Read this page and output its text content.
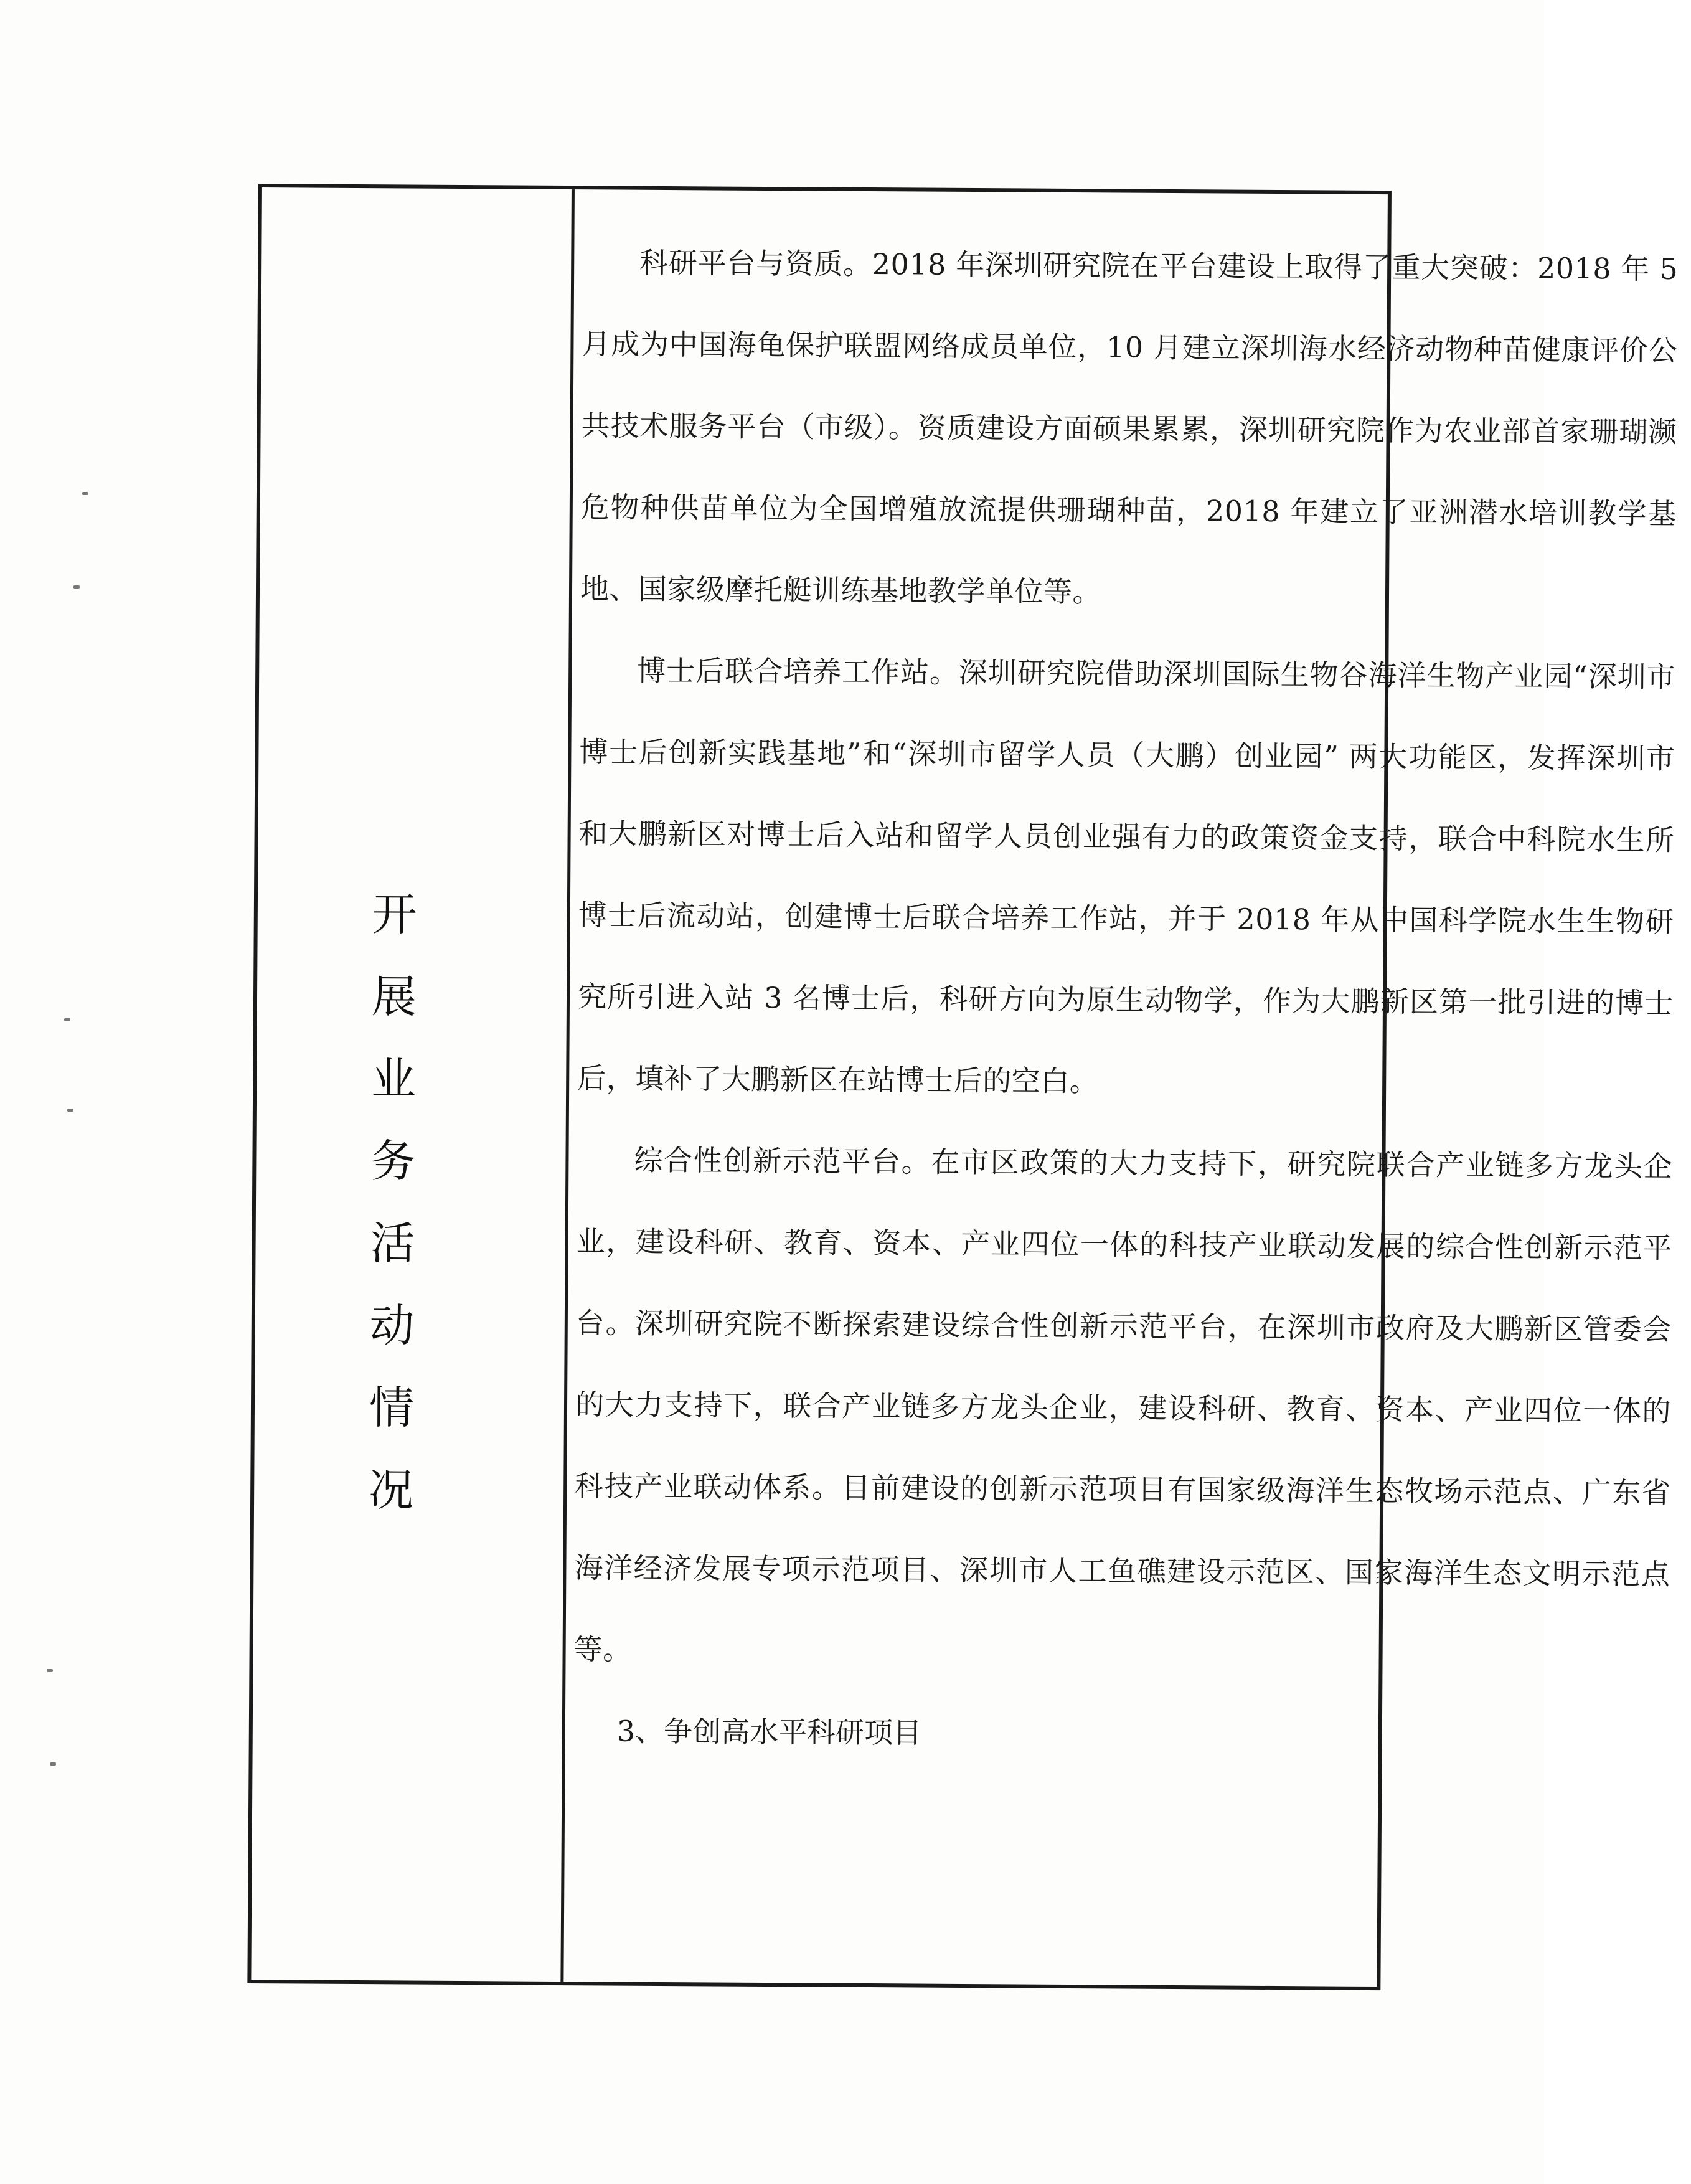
开
展
业
务
活
动
情
况

科研平台与资质。2018 年深圳研究院在平台建设上取得了重大突破：2018 年 5 月成为中国海龟保护联盟网络成员单位，10 月建立深圳海水经济动物种苗健康评价公共技术服务平台（市级）。资质建设方面硕果累累，深圳研究院作为农业部首家珊瑚濒危物种供苗单位为全国增殖放流提供珊瑚种苗，2018 年建立了亚洲潜水培训教学基地、国家级摩托艇训练基地教学单位等。

博士后联合培养工作站。深圳研究院借助深圳国际生物谷海洋生物产业园“深圳市博士后创新实践基地”和“深圳市留学人员（大鹏）创业园” 两大功能区，发挥深圳市和大鹏新区对博士后入站和留学人员创业强有力的政策资金支持，联合中科院水生所博士后流动站，创建博士后联合培养工作站，并于 2018 年从中国科学院水生生物研究所引进入站 3 名博士后，科研方向为原生动物学，作为大鹏新区第一批引进的博士后，填补了大鹏新区在站博士后的空白。

综合性创新示范平台。在市区政策的大力支持下，研究院联合产业链多方龙头企业，建设科研、教育、资本、产业四位一体的科技产业联动发展的综合性创新示范平台。深圳研究院不断探索建设综合性创新示范平台，在深圳市政府及大鹏新区管委会的大力支持下，联合产业链多方龙头企业，建设科研、教育、资本、产业四位一体的科技产业联动体系。目前建设的创新示范项目有国家级海洋生态牧场示范点、广东省海洋经济发展专项示范项目、深圳市人工鱼礁建设示范区、国家海洋生态文明示范点等。

3、争创高水平科研项目
